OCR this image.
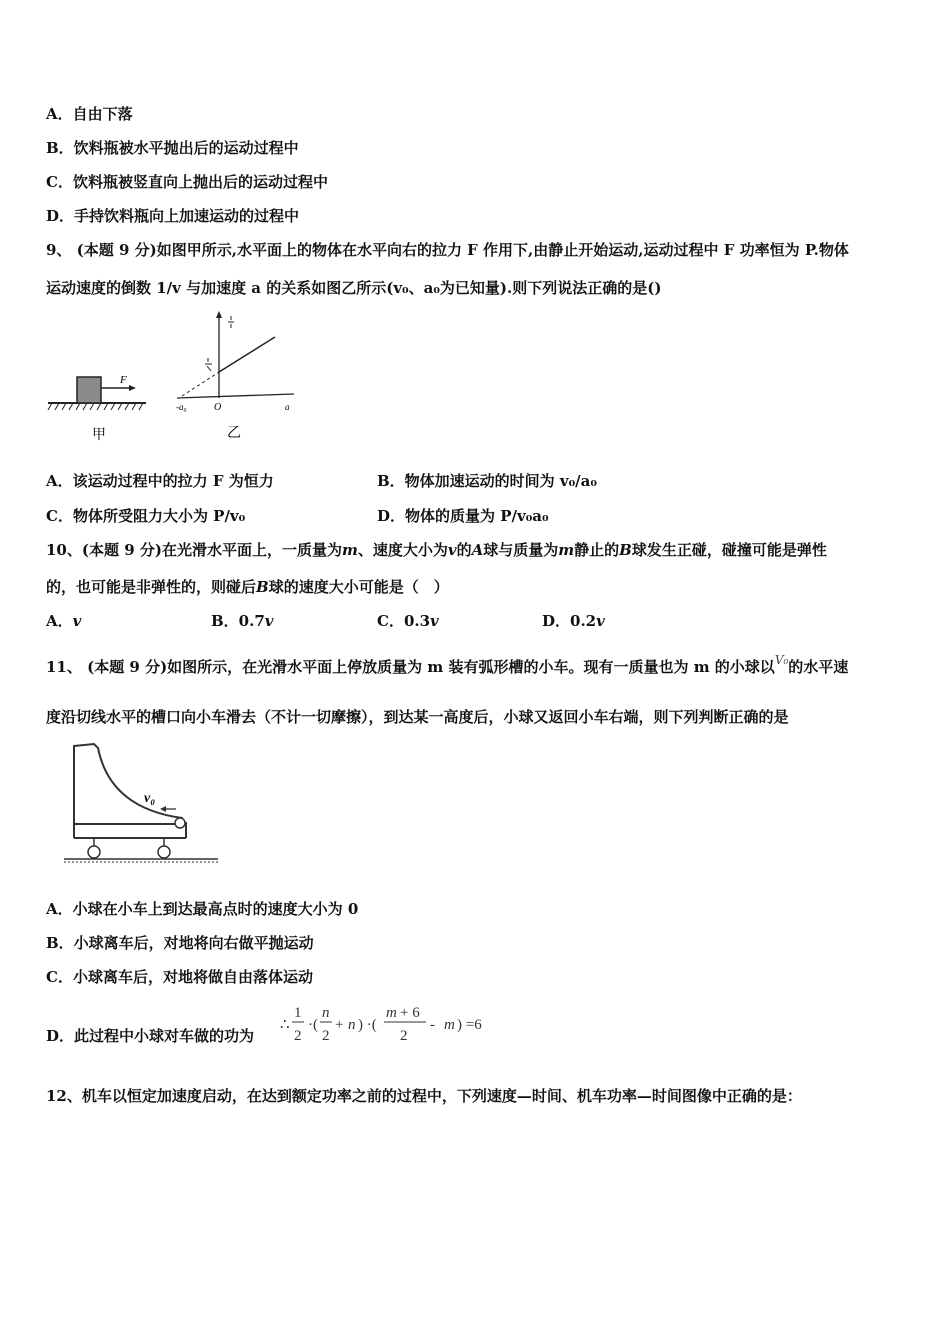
A．自由下落
B．饮料瓶被水平抛出后的运动过程中
C．饮料瓶被竖直向上抛出后的运动过程中
D．手持饮料瓶向上加速运动的过程中
9、 (本题 9 分)如图甲所示,水平面上的物体在水平向右的拉力 F 作用下,由静止开始运动,运动过程中 F 功率恒为 P.物体
运动速度的倒数 1/v 与加速度 a 的关系如图乙所示(v₀、a₀为已知量).则下列说法正确的是()
F
甲
-a₀	O	a
乙
A．该运动过程中的拉力 F 为恒力	B．物体加速运动的时间为 v₀/a₀
C．物体所受阻力大小为 P/v₀	D．物体的质量为 P/v₀a₀
10、(本题 9 分)在光滑水平面上，一质量为m、速度大小为v的A球与质量为m静止的B球发生正碰，碰撞可能是弹性
的，也可能是非弹性的，则碰后B球的速度大小可能是（　）
A．v	B．0.7v	C．0.3v	D．0.2v
11、 (本题 9 分)如图所示，在光滑水平面上停放质量为 m 装有弧形槽的小车。现有一质量也为 m 的小球以$^{V_0}$的水平速
度沿切线水平的槽口向小车滑去（不计一切摩擦），到达某一高度后，小球又返回小车右端，则下列判断正确的是
v₀
A．小球在小车上到达最高点时的速度大小为 0
B．小球离车后，对地将向右做平抛运动
C．小球离车后，对地将做自由落体运动
D．此过程中小球对车做的功为
∴
1
2
·(
n
2
+ n ) ·(
m + 6
2
- m ) =6
12、机车以恒定加速度启动，在达到额定功率之前的过程中，下列速度—时间、机车功率—时间图像中正确的是：
